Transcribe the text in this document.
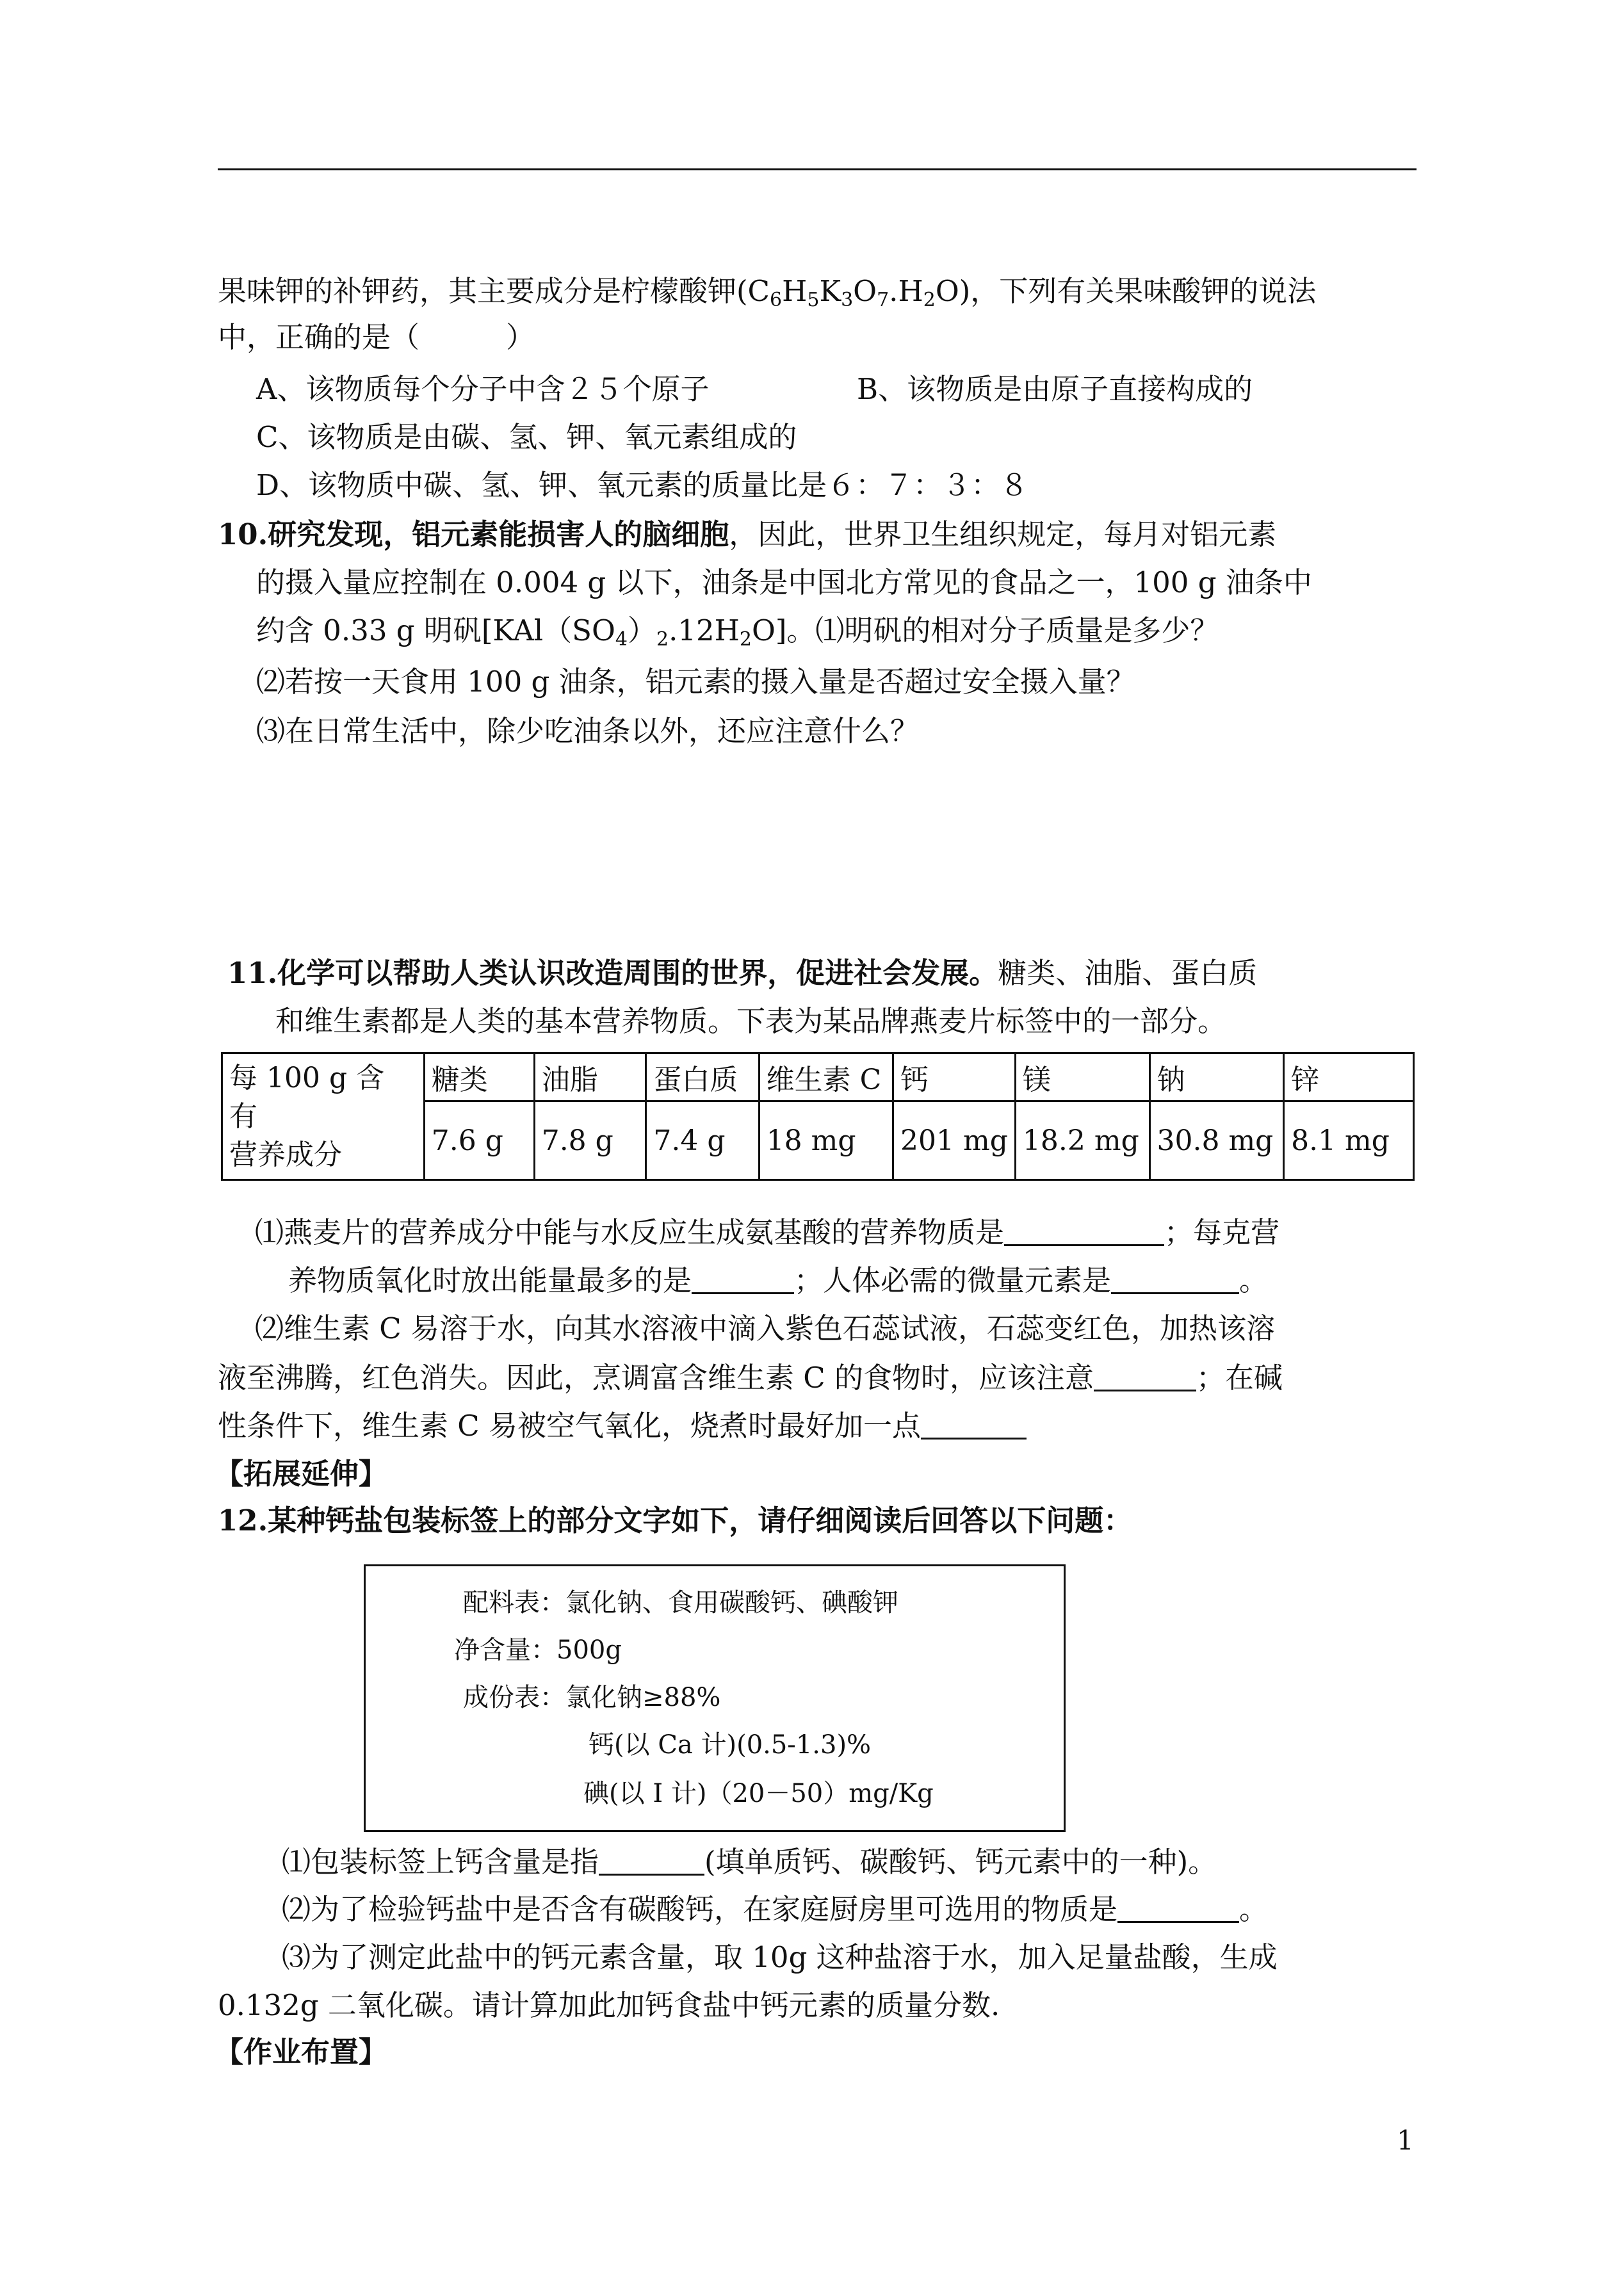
果味钾的补钾药，其主要成分是柠檬酸钾$(C_6H_5K_3O_7.H_2O)$，下列有关果味酸钾的说法
中，正确的是（　　　）
A、该物质每个分子中含２５个原子	B、该物质是由原子直接构成的
C、该物质是由碳、氢、钾、氧元素组成的
D、该物质中碳、氢、钾、氧元素的质量比是６：７：３：８
10.研究发现，铝元素能损害人的脑细胞，因此，世界卫生组织规定，每月对铝元素
的摄入量应控制在 0.004 g 以下，油条是中国北方常见的食品之一，100 g 油条中
约含 0.33 g 明矾$[KAl(SO_4)_2.12H_2O]$。⑴明矾的相对分子质量是多少？
⑵若按一天食用 100 g 油条，铝元素的摄入量是否超过安全摄入量？
⑶在日常生活中，除少吃油条以外，还应注意什么？
11.化学可以帮助人类认识改造周围的世界，促进社会发展。糖类、油脂、蛋白质
和维生素都是人类的基本营养物质。下表为某品牌燕麦片标签中的一部分。
每 100 g 含
有
营养成分	糖类	油脂	蛋白质	维生素 C	钙	镁	钠	锌
	7.6 g	7.8 g	7.4 g	18 mg	201 mg	18.2 mg	30.8 mg	8.1 mg
⑴燕麦片的营养成分中能与水反应生成氨基酸的营养物质是	；每克营
养物质氧化时放出能量最多的是	；人体必需的微量元素是	。
⑵维生素 C 易溶于水，向其水溶液中滴入紫色石蕊试液，石蕊变红色，加热该溶
液至沸腾，红色消失。因此，烹调富含维生素 C 的食物时，应该注意	；在碱
性条件下，维生素 C 易被空气氧化，烧煮时最好加一点
【拓展延伸】
12.某种钙盐包装标签上的部分文字如下，请仔细阅读后回答以下问题：
配料表：氯化钠、食用碳酸钙、碘酸钾
净含量：500g
成份表：氯化钠≥88%
钙(以 Ca 计)(0.5-1.3)%
碘(以 I 计)（20－50）mg/Kg
⑴包装标签上钙含量是指	(填单质钙、碳酸钙、钙元素中的一种)。
⑵为了检验钙盐中是否含有碳酸钙，在家庭厨房里可选用的物质是	。
⑶为了测定此盐中的钙元素含量，取 10g 这种盐溶于水，加入足量盐酸，生成
0.132g 二氧化碳。请计算加此加钙食盐中钙元素的质量分数.
【作业布置】
1
